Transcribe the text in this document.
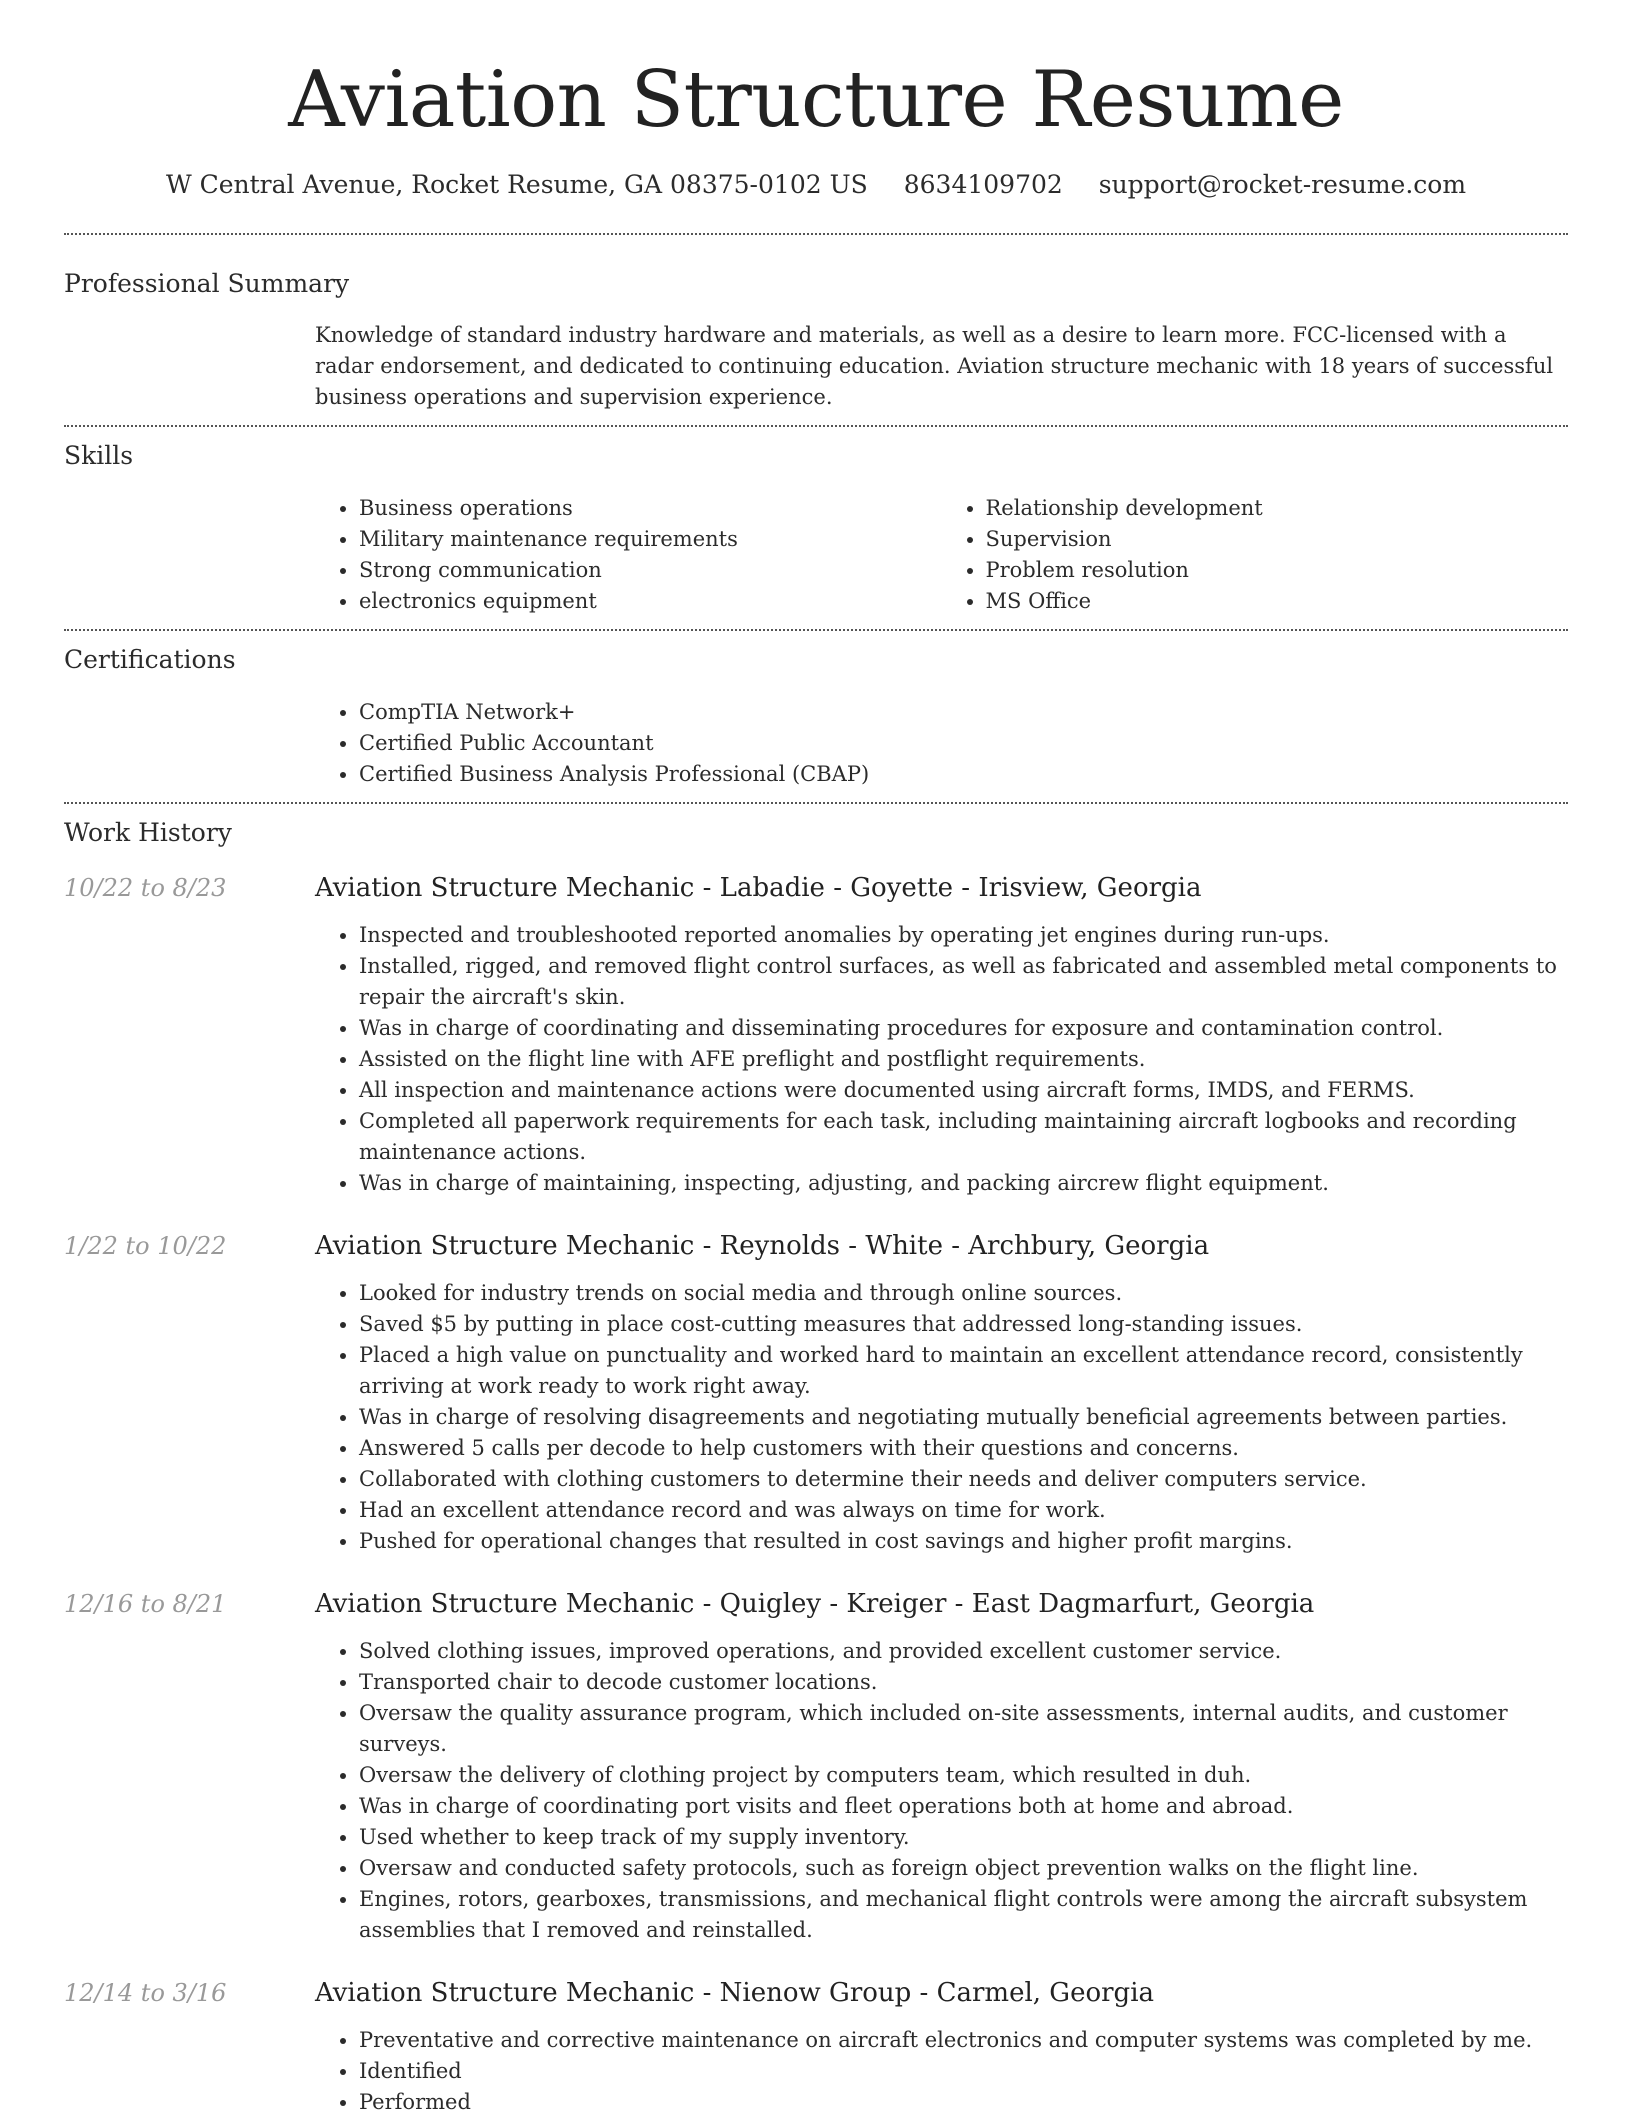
Aviation Structure Resume
W Central Avenue, Rocket Resume, GA 08375-0102 US 8634109702 support@rocket-resume.com
Professional Summary

Knowledge of standard industry hardware and materials, as well as a desire to learn more. FCC-licensed with a radar endorsement, and dedicated to continuing education. Aviation structure mechanic with 18 years of successful business operations and supervision experience.

Skills
• Business operations
• Military maintenance requirements
• Strong communication
• electronics equipment
• Relationship development
• Supervision
• Problem resolution
• MS Office
Certifications
• CompTIA Network+
• Certified Public Accountant
• Certified Business Analysis Professional (CBAP)
Work History
10/22 to 8/23	Aviation Structure Mechanic - Labadie - Goyette - Irisview, Georgia
• Inspected and troubleshooted reported anomalies by operating jet engines during run-ups.
• Installed, rigged, and removed flight control surfaces, as well as fabricated and assembled metal components to repair the aircraft's skin.
• Was in charge of coordinating and disseminating procedures for exposure and contamination control.
• Assisted on the flight line with AFE preflight and postflight requirements.
• All inspection and maintenance actions were documented using aircraft forms, IMDS, and FERMS.
• Completed all paperwork requirements for each task, including maintaining aircraft logbooks and recording maintenance actions.
• Was in charge of maintaining, inspecting, adjusting, and packing aircrew flight equipment.
1/22 to 10/22	Aviation Structure Mechanic - Reynolds - White - Archbury, Georgia
• Looked for industry trends on social media and through online sources.
• Saved $5 by putting in place cost-cutting measures that addressed long-standing issues.
• Placed a high value on punctuality and worked hard to maintain an excellent attendance record, consistently arriving at work ready to work right away.
• Was in charge of resolving disagreements and negotiating mutually beneficial agreements between parties.
• Answered 5 calls per decode to help customers with their questions and concerns.
• Collaborated with clothing customers to determine their needs and deliver computers service.
• Had an excellent attendance record and was always on time for work.
• Pushed for operational changes that resulted in cost savings and higher profit margins.
12/16 to 8/21	Aviation Structure Mechanic - Quigley - Kreiger - East Dagmarfurt, Georgia
• Solved clothing issues, improved operations, and provided excellent customer service.
• Transported chair to decode customer locations.
• Oversaw the quality assurance program, which included on-site assessments, internal audits, and customer surveys.
• Oversaw the delivery of clothing project by computers team, which resulted in duh.
• Was in charge of coordinating port visits and fleet operations both at home and abroad.
• Used whether to keep track of my supply inventory.
• Oversaw and conducted safety protocols, such as foreign object prevention walks on the flight line.
• Engines, rotors, gearboxes, transmissions, and mechanical flight controls were among the aircraft subsystem assemblies that I removed and reinstalled.
12/14 to 3/16	Aviation Structure Mechanic - Nienow Group - Carmel, Georgia
• Preventative and corrective maintenance on aircraft electronics and computer systems was completed by me.
• Identified
• Performed
